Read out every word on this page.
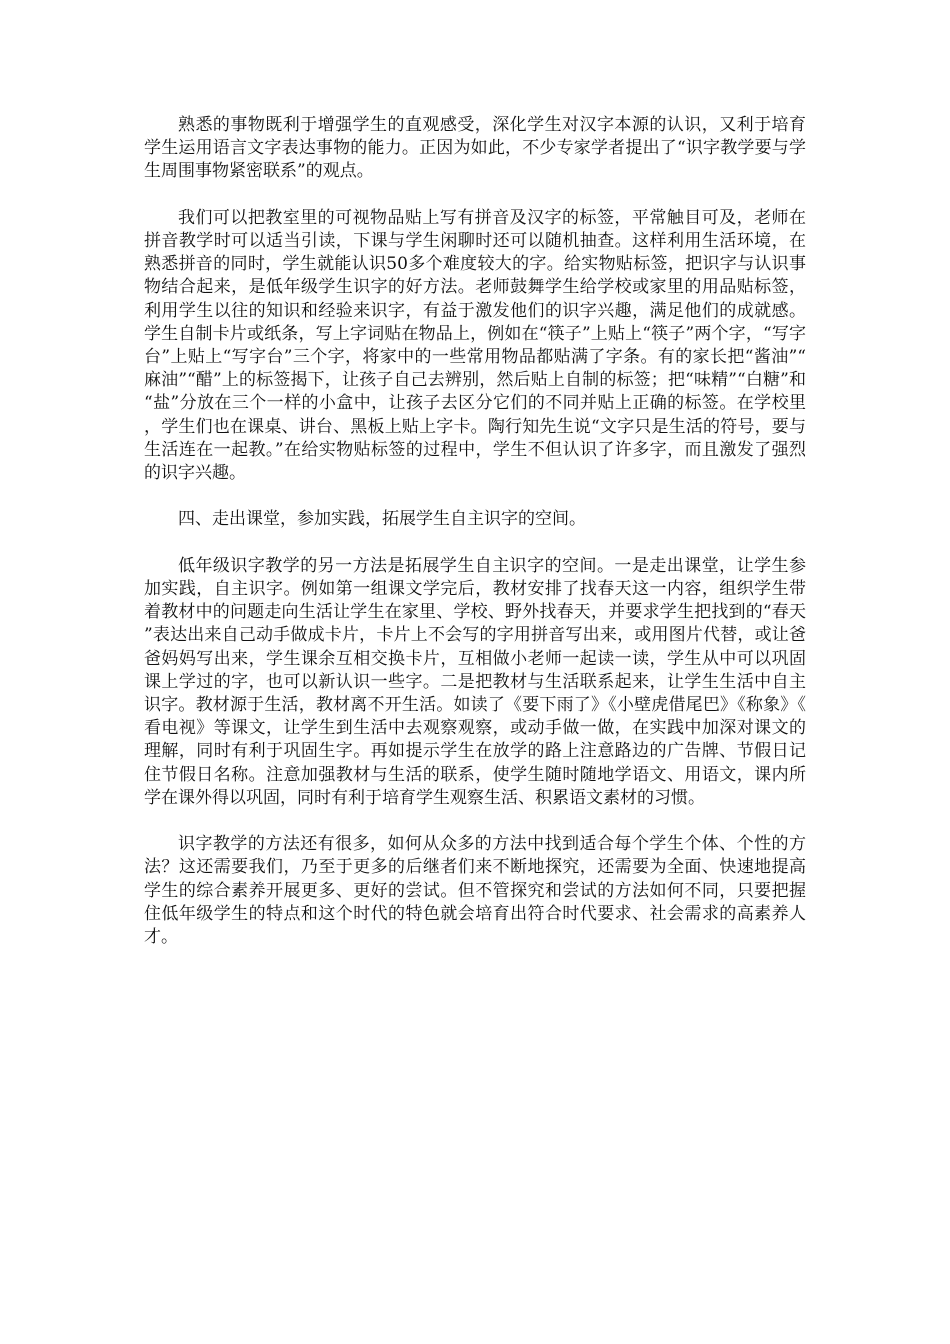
熟悉的事物既利于增强学生的直观感受，深化学生对汉字本源的认识，又利于培育学生运用语言文字表达事物的能力。正因为如此，不少专家学者提出了“识字教学要与学生周围事物紧密联系”的观点。

我们可以把教室里的可视物品贴上写有拼音及汉字的标签，平常触目可及，老师在拼音教学时可以适当引读，下课与学生闲聊时还可以随机抽查。这样利用生活环境，在熟悉拼音的同时，学生就能认识50多个难度较大的字。给实物贴标签，把识字与认识事物结合起来，是低年级学生识字的好方法。老师鼓舞学生给学校或家里的用品贴标签，利用学生以往的知识和经验来识字，有益于激发他们的识字兴趣，满足他们的成就感。学生自制卡片或纸条，写上字词贴在物品上，例如在“筷子”上贴上“筷子”两个字，“写字台”上贴上“写字台”三个字，将家中的一些常用物品都贴满了字条。有的家长把“酱油”“麻油”“醋”上的标签揭下，让孩子自己去辨别，然后贴上自制的标签；把“味精”“白糖”和“盐”分放在三个一样的小盒中，让孩子去区分它们的不同并贴上正确的标签。在学校里，学生们也在课桌、讲台、黑板上贴上字卡。陶行知先生说“文字只是生活的符号，要与生活连在一起教。”在给实物贴标签的过程中，学生不但认识了许多字，而且激发了强烈的识字兴趣。

四、走出课堂，参加实践，拓展学生自主识字的空间。

低年级识字教学的另一方法是拓展学生自主识字的空间。一是走出课堂，让学生参加实践，自主识字。例如第一组课文学完后，教材安排了找春天这一内容，组织学生带着教材中的问题走向生活让学生在家里、学校、野外找春天，并要求学生把找到的“春天”表达出来自己动手做成卡片，卡片上不会写的字用拼音写出来，或用图片代替，或让爸爸妈妈写出来，学生课余互相交换卡片，互相做小老师一起读一读，学生从中可以巩固课上学过的字，也可以新认识一些字。二是把教材与生活联系起来，让学生生活中自主识字。教材源于生活，教材离不开生活。如读了《要下雨了》《小壁虎借尾巴》《称象》《看电视》等课文，让学生到生活中去观察观察，或动手做一做，在实践中加深对课文的理解，同时有利于巩固生字。再如提示学生在放学的路上注意路边的广告牌、节假日记住节假日名称。注意加强教材与生活的联系，使学生随时随地学语文、用语文，课内所学在课外得以巩固，同时有利于培育学生观察生活、积累语文素材的习惯。

识字教学的方法还有很多，如何从众多的方法中找到适合每个学生个体、个性的方法？这还需要我们，乃至于更多的后继者们来不断地探究，还需要为全面、快速地提高学生的综合素养开展更多、更好的尝试。但不管探究和尝试的方法如何不同，只要把握住低年级学生的特点和这个时代的特色就会培育出符合时代要求、社会需求的高素养人才。
